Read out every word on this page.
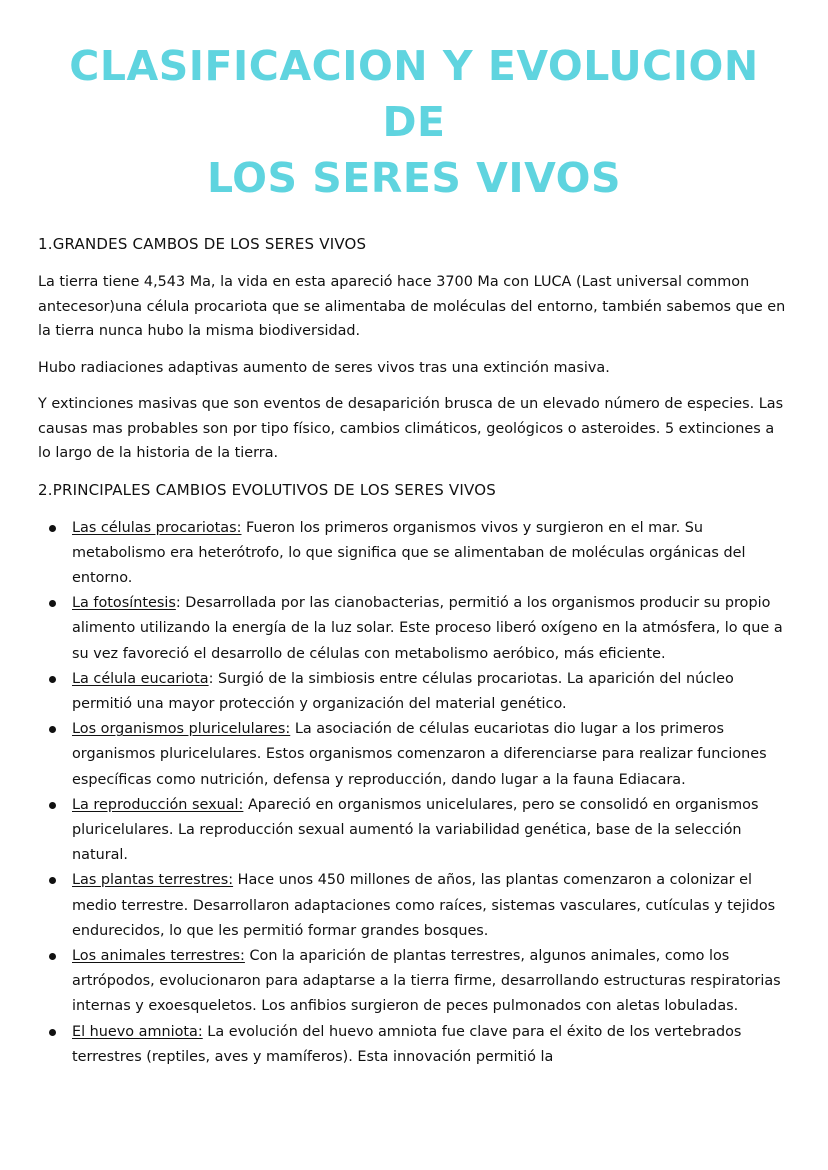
CLASIFICACION Y EVOLUCION DE
LOS SERES VIVOS
1.GRANDES CAMBOS DE LOS SERES VIVOS

La tierra tiene 4,543 Ma, la vida en esta apareció hace 3700 Ma con LUCA (Last universal common antecesor)una célula procariota que se alimentaba de moléculas del entorno, también sabemos que en la tierra nunca hubo la misma biodiversidad.

Hubo radiaciones adaptivas aumento de seres vivos tras una extinción masiva.

Y extinciones masivas que son eventos de desaparición brusca de un elevado número de especies. Las causas mas probables son por tipo físico, cambios climáticos, geológicos o asteroides. 5 extinciones a lo largo de la historia de la tierra.

2.PRINCIPALES CAMBIOS EVOLUTIVOS DE LOS SERES VIVOS
Las células procariotas: Fueron los primeros organismos vivos y surgieron en el mar. Su metabolismo era heterótrofo, lo que significa que se alimentaban de moléculas orgánicas del entorno.
La fotosíntesis: Desarrollada por las cianobacterias, permitió a los organismos producir su propio alimento utilizando la energía de la luz solar. Este proceso liberó oxígeno en la atmósfera, lo que a su vez favoreció el desarrollo de células con metabolismo aeróbico, más eficiente.
La célula eucariota: Surgió de la simbiosis entre células procariotas. La aparición del núcleo permitió una mayor protección y organización del material genético.
Los organismos pluricelulares: La asociación de células eucariotas dio lugar a los primeros organismos pluricelulares. Estos organismos comenzaron a diferenciarse para realizar funciones específicas como nutrición, defensa y reproducción, dando lugar a la fauna Ediacara.
La reproducción sexual: Apareció en organismos unicelulares, pero se consolidó en organismos pluricelulares. La reproducción sexual aumentó la variabilidad genética, base de la selección natural.
Las plantas terrestres: Hace unos 450 millones de años, las plantas comenzaron a colonizar el medio terrestre. Desarrollaron adaptaciones como raíces, sistemas vasculares, cutículas y tejidos endurecidos, lo que les permitió formar grandes bosques.
Los animales terrestres: Con la aparición de plantas terrestres, algunos animales, como los artrópodos, evolucionaron para adaptarse a la tierra firme, desarrollando estructuras respiratorias internas y exoesqueletos. Los anfibios surgieron de peces pulmonados con aletas lobuladas.
El huevo amniota: La evolución del huevo amniota fue clave para el éxito de los vertebrados terrestres (reptiles, aves y mamíferos). Esta innovación permitió la
